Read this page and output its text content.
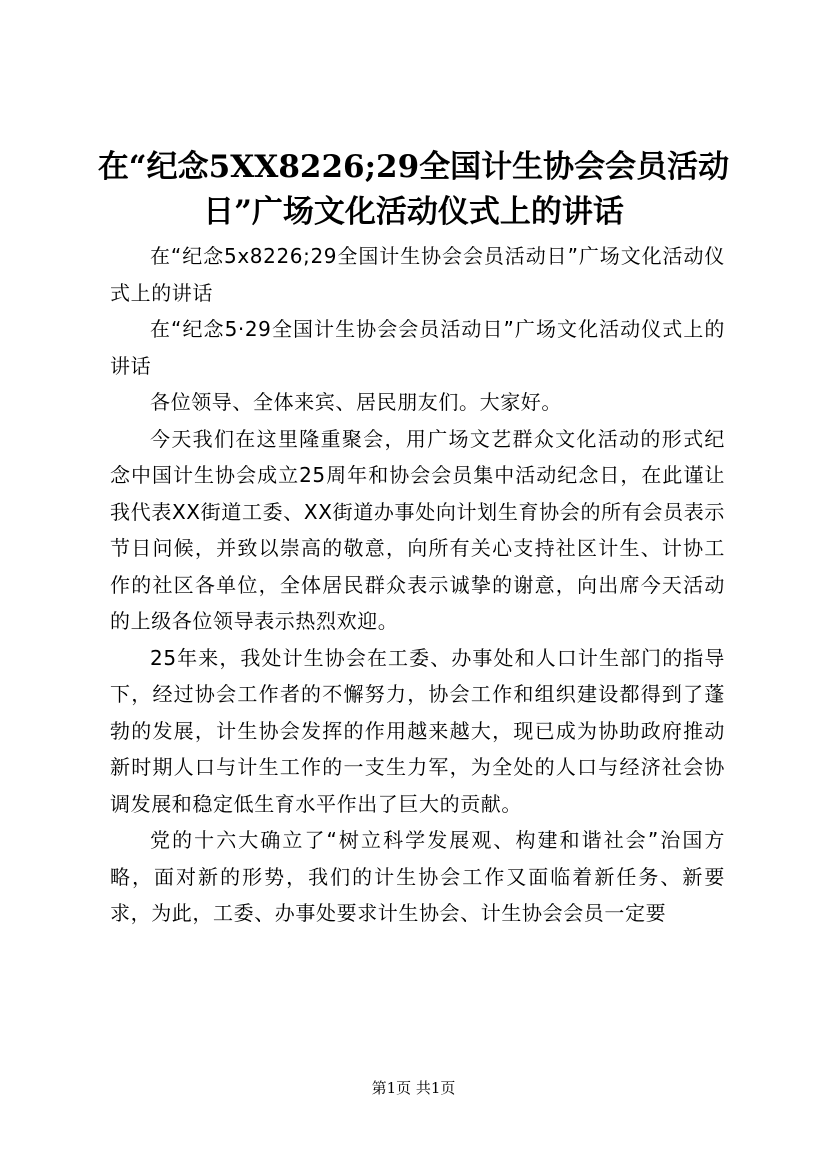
在“纪念5XX8226;29全国计生协会会员活动日”广场文化活动仪式上的讲话

在“纪念5x8226;29全国计生协会会员活动日”广场文化活动仪式上的讲话

在“纪念5·29全国计生协会会员活动日”广场文化活动仪式上的讲话

各位领导、全体来宾、居民朋友们。大家好。

今天我们在这里隆重聚会，用广场文艺群众文化活动的形式纪念中国计生协会成立25周年和协会会员集中活动纪念日，在此谨让我代表XX街道工委、XX街道办事处向计划生育协会的所有会员表示节日问候，并致以崇高的敬意，向所有关心支持社区计生、计协工作的社区各单位，全体居民群众表示诚挚的谢意，向出席今天活动的上级各位领导表示热烈欢迎。

25年来，我处计生协会在工委、办事处和人口计生部门的指导下，经过协会工作者的不懈努力，协会工作和组织建设都得到了蓬勃的发展，计生协会发挥的作用越来越大，现已成为协助政府推动新时期人口与计生工作的一支生力军，为全处的人口与经济社会协调发展和稳定低生育水平作出了巨大的贡献。

党的十六大确立了“树立科学发展观、构建和谐社会”治国方略，面对新的形势，我们的计生协会工作又面临着新任务、新要求，为此，工委、办事处要求计生协会、计生协会会员一定要

第1页 共1页
